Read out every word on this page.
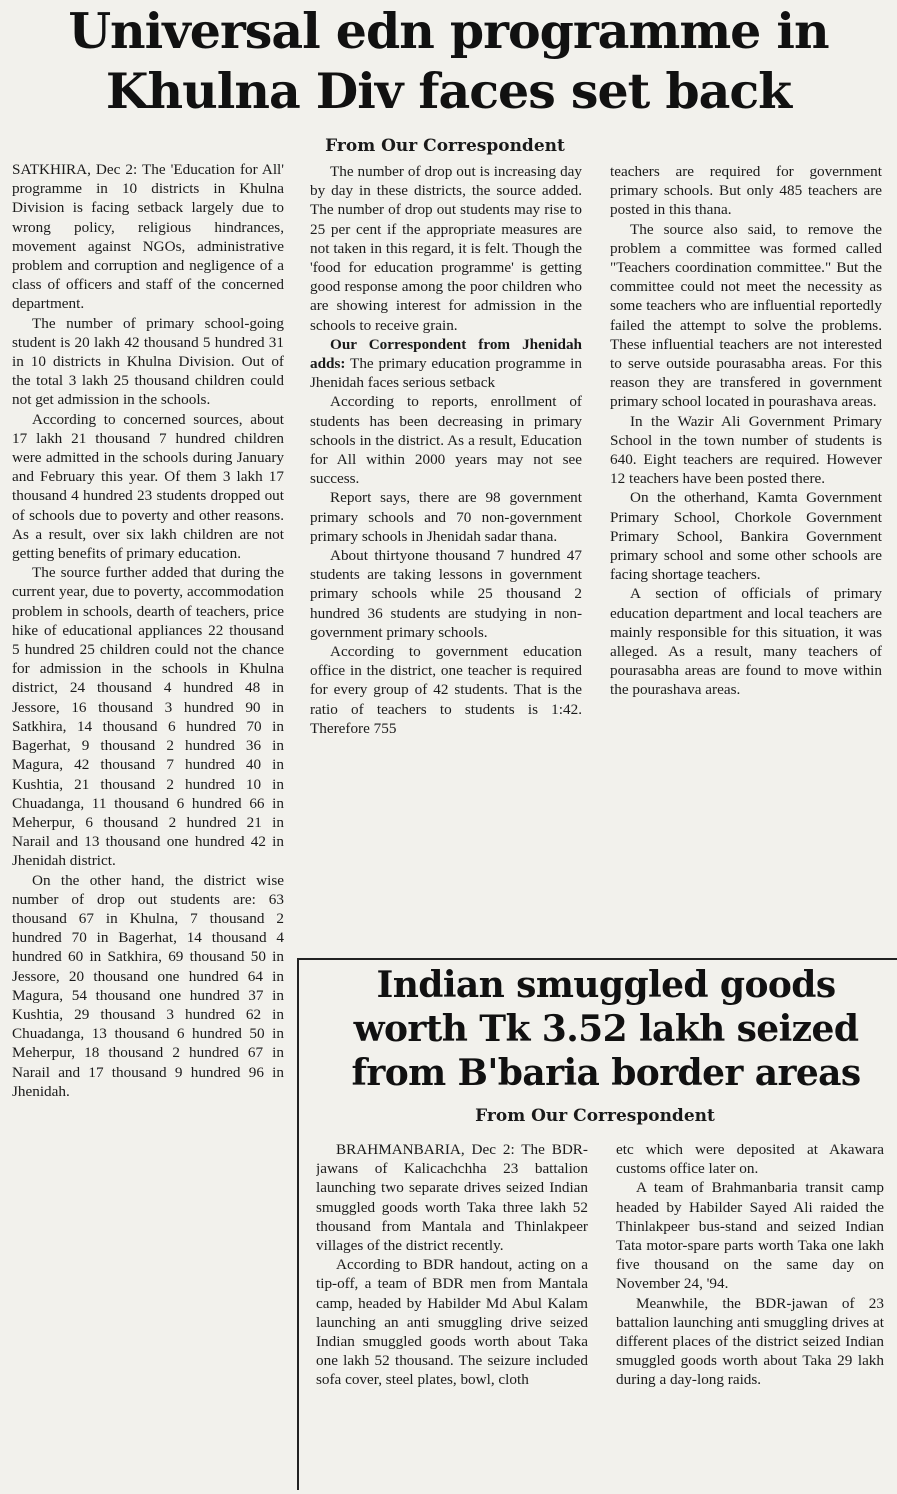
Universal edn programme in
Khulna Div faces set back
From Our Correspondent

SATKHIRA, Dec 2: The 'Education for All' programme in 10 districts in Khulna Division is facing setback largely due to wrong policy, religious hindrances, movement against NGOs, administrative problem and corruption and negligence of a class of officers and staff of the concerned department.

The number of primary school-going student is 20 lakh 42 thousand 5 hundred 31 in 10 districts in Khulna Division. Out of the total 3 lakh 25 thousand children could not get admission in the schools.

According to concerned sources, about 17 lakh 21 thousand 7 hundred children were admitted in the schools during January and February this year. Of them 3 lakh 17 thousand 4 hundred 23 students dropped out of schools due to poverty and other reasons. As a result, over six lakh children are not getting benefits of primary education.

The source further added that during the current year, due to poverty, accommodation problem in schools, dearth of teachers, price hike of educational appliances 22 thousand 5 hundred 25 children could not the chance for admission in the schools in Khulna district, 24 thousand 4 hundred 48 in Jessore, 16 thousand 3 hundred 90 in Satkhira, 14 thousand 6 hundred 70 in Bagerhat, 9 thousand 2 hundred 36 in Magura, 42 thousand 7 hundred 40 in Kushtia, 21 thousand 2 hundred 10 in Chuadanga, 11 thousand 6 hundred 66 in Meherpur, 6 thousand 2 hundred 21 in Narail and 13 thousand one hundred 42 in Jhenidah district.

On the other hand, the district wise number of drop out students are: 63 thousand 67 in Khulna, 7 thousand 2 hundred 70 in Bagerhat, 14 thousand 4 hundred 60 in Satkhira, 69 thousand 50 in Jessore, 20 thousand one hundred 64 in Magura, 54 thousand one hundred 37 in Kushtia, 29 thousand 3 hundred 62 in Chuadanga, 13 thousand 6 hundred 50 in Meherpur, 18 thousand 2 hundred 67 in Narail and 17 thousand 9 hundred 96 in Jhenidah.

The number of drop out is increasing day by day in these districts, the source added. The number of drop out students may rise to 25 per cent if the appropriate measures are not taken in this regard, it is felt. Though the 'food for education programme' is getting good response among the poor children who are showing interest for admission in the schools to receive grain.

Our Correspondent from Jhenidah adds: The primary education programme in Jhenidah faces serious setback

According to reports, enrollment of students has been decreasing in primary schools in the district. As a result, Education for All within 2000 years may not see success.

Report says, there are 98 government primary schools and 70 non-government primary schools in Jhenidah sadar thana.

About thirtyone thousand 7 hundred 47 students are taking lessons in government primary schools while 25 thousand 2 hundred 36 students are studying in non-government primary schools.

According to government education office in the district, one teacher is required for every group of 42 students. That is the ratio of teachers to students is 1:42. Therefore 755

teachers are required for government primary schools. But only 485 teachers are posted in this thana.

The source also said, to remove the problem a committee was formed called "Teachers coordination committee." But the committee could not meet the necessity as some teachers who are influential reportedly failed the attempt to solve the problems. These influential teachers are not interested to serve outside pourasabha areas. For this reason they are transfered in government primary school located in pourashava areas.

In the Wazir Ali Government Primary School in the town number of students is 640. Eight teachers are required. However 12 teachers have been posted there.

On the otherhand, Kamta Government Primary School, Chorkole Government Primary School, Bankira Government primary school and some other schools are facing shortage teachers.

A section of officials of primary education department and local teachers are mainly responsible for this situation, it was alleged. As a result, many teachers of pourasabha areas are found to move within the pourashava areas.

Indian smuggled goods
worth Tk 3.52 lakh seized
from B'baria border areas
From Our Correspondent

BRAHMANBARIA, Dec 2: The BDR-jawans of Kalicachchha 23 battalion launching two separate drives seized Indian smuggled goods worth Taka three lakh 52 thousand from Mantala and Thinlakpeer villages of the district recently.

According to BDR handout, acting on a tip-off, a team of BDR men from Mantala camp, headed by Habilder Md Abul Kalam launching an anti smuggling drive seized Indian smuggled goods worth about Taka one lakh 52 thousand. The seizure included sofa cover, steel plates, bowl, cloth

etc which were deposited at Akawara customs office later on.

A team of Brahmanbaria transit camp headed by Habilder Sayed Ali raided the Thinlakpeer bus-stand and seized Indian Tata motor-spare parts worth Taka one lakh five thousand on the same day on November 24, '94.

Meanwhile, the BDR-jawan of 23 battalion launching anti smuggling drives at different places of the district seized Indian smuggled goods worth about Taka 29 lakh during a day-long raids.
